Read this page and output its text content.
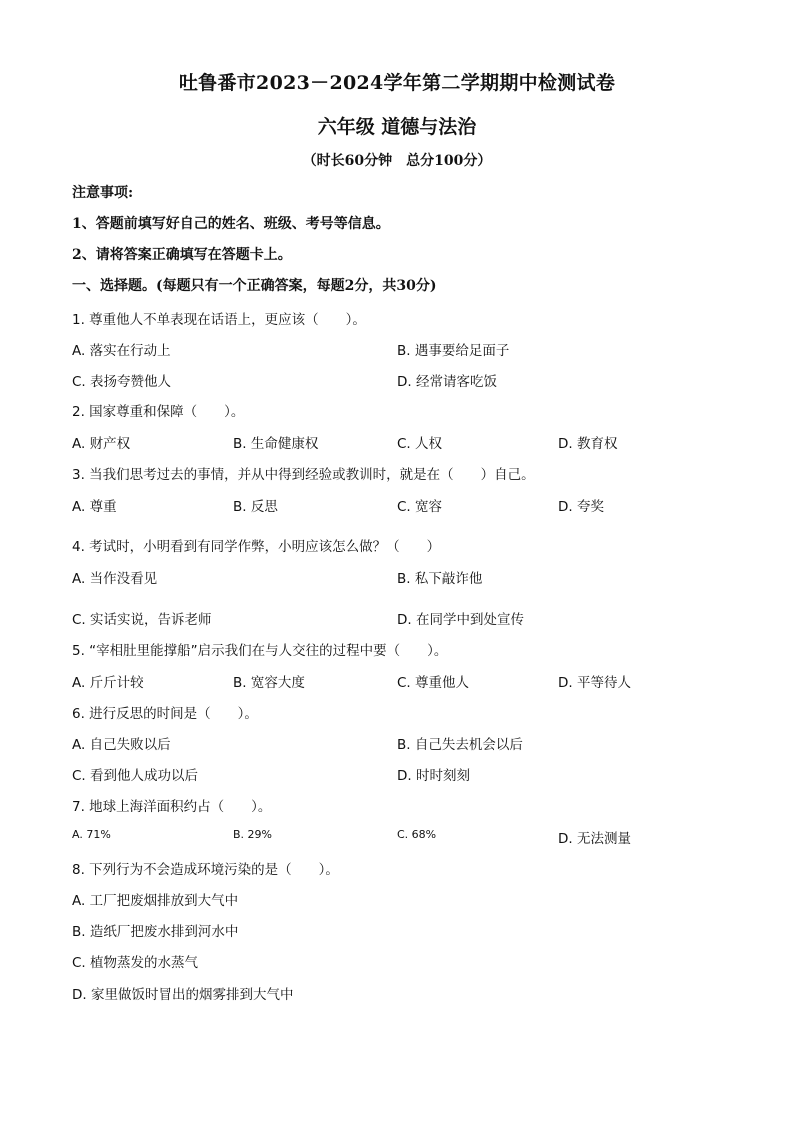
吐鲁番市2023－2024学年第二学期期中检测试卷
六年级 道德与法治
（时长60分钟　总分100分）
注意事项:
1、答题前填写好自己的姓名、班级、考号等信息。
2、请将答案正确填写在答题卡上。
一、选择题。(每题只有一个正确答案，每题2分，共30分)
1. 尊重他人不单表现在话语上，更应该（　　）。
A. 落实在行动上	B. 遇事要给足面子
C. 表扬夸赞他人	D. 经常请客吃饭
2. 国家尊重和保障（　　）。
A. 财产权	B. 生命健康权	C. 人权	D. 教育权
3. 当我们思考过去的事情，并从中得到经验或教训时，就是在（　　）自己。
A. 尊重	B. 反思	C. 宽容	D. 夸奖
4. 考试时，小明看到有同学作弊，小明应该怎么做？（　　）
A. 当作没看见	B. 私下敲诈他
C. 实话实说，告诉老师	D. 在同学中到处宣传
5. “宰相肚里能撑船”启示我们在与人交往的过程中要（　　）。
A. 斤斤计较	B. 宽容大度	C. 尊重他人	D. 平等待人
6. 进行反思的时间是（　　）。
A. 自己失败以后	B. 自己失去机会以后
C. 看到他人成功以后	D. 时时刻刻
7. 地球上海洋面积约占（　　）。
A. 71%	B. 29%	C. 68%	D. 无法测量
8. 下列行为不会造成环境污染的是（　　）。
A. 工厂把废烟排放到大气中
B. 造纸厂把废水排到河水中
C. 植物蒸发的水蒸气
D. 家里做饭时冒出的烟雾排到大气中
